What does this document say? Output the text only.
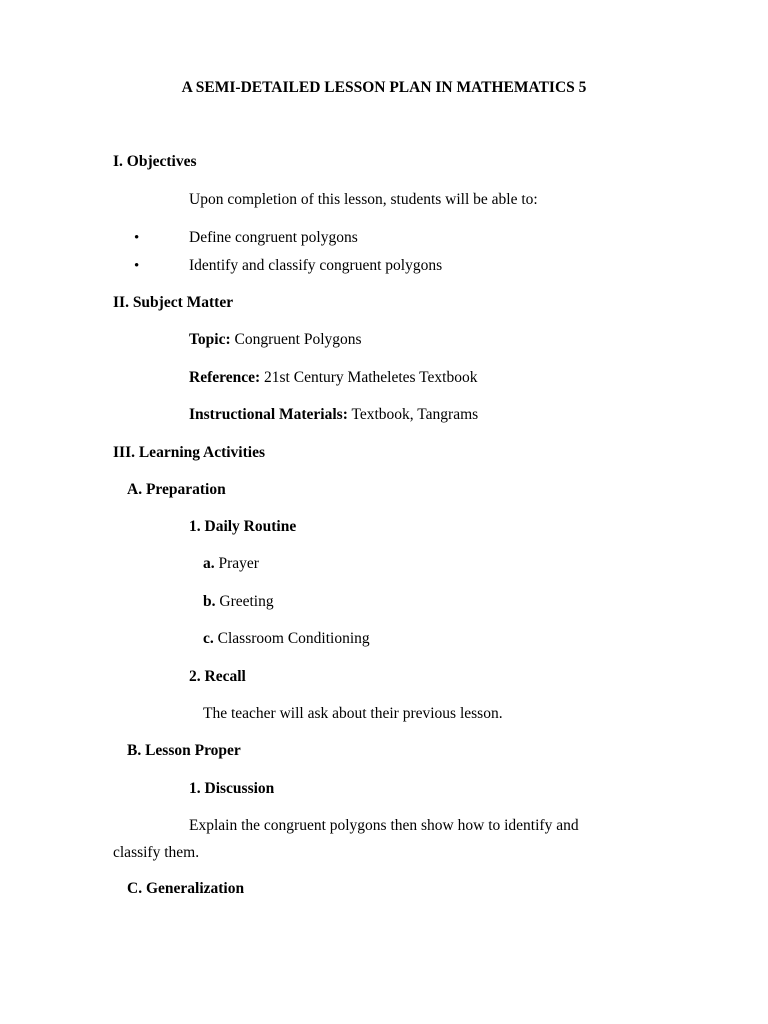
A SEMI-DETAILED LESSON PLAN IN MATHEMATICS 5
I. Objectives
Upon completion of this lesson, students will be able to:
•	Define congruent polygons
•	Identify and classify congruent polygons
II. Subject Matter
Topic: Congruent Polygons
Reference: 21st Century Matheletes Textbook
Instructional Materials: Textbook, Tangrams
III. Learning Activities
A. Preparation
1. Daily Routine
a. Prayer
b. Greeting
c. Classroom Conditioning
2. Recall
The teacher will ask about their previous lesson.
B. Lesson Proper
1. Discussion
Explain the congruent polygons then show how to identify and
classify them.
C. Generalization
